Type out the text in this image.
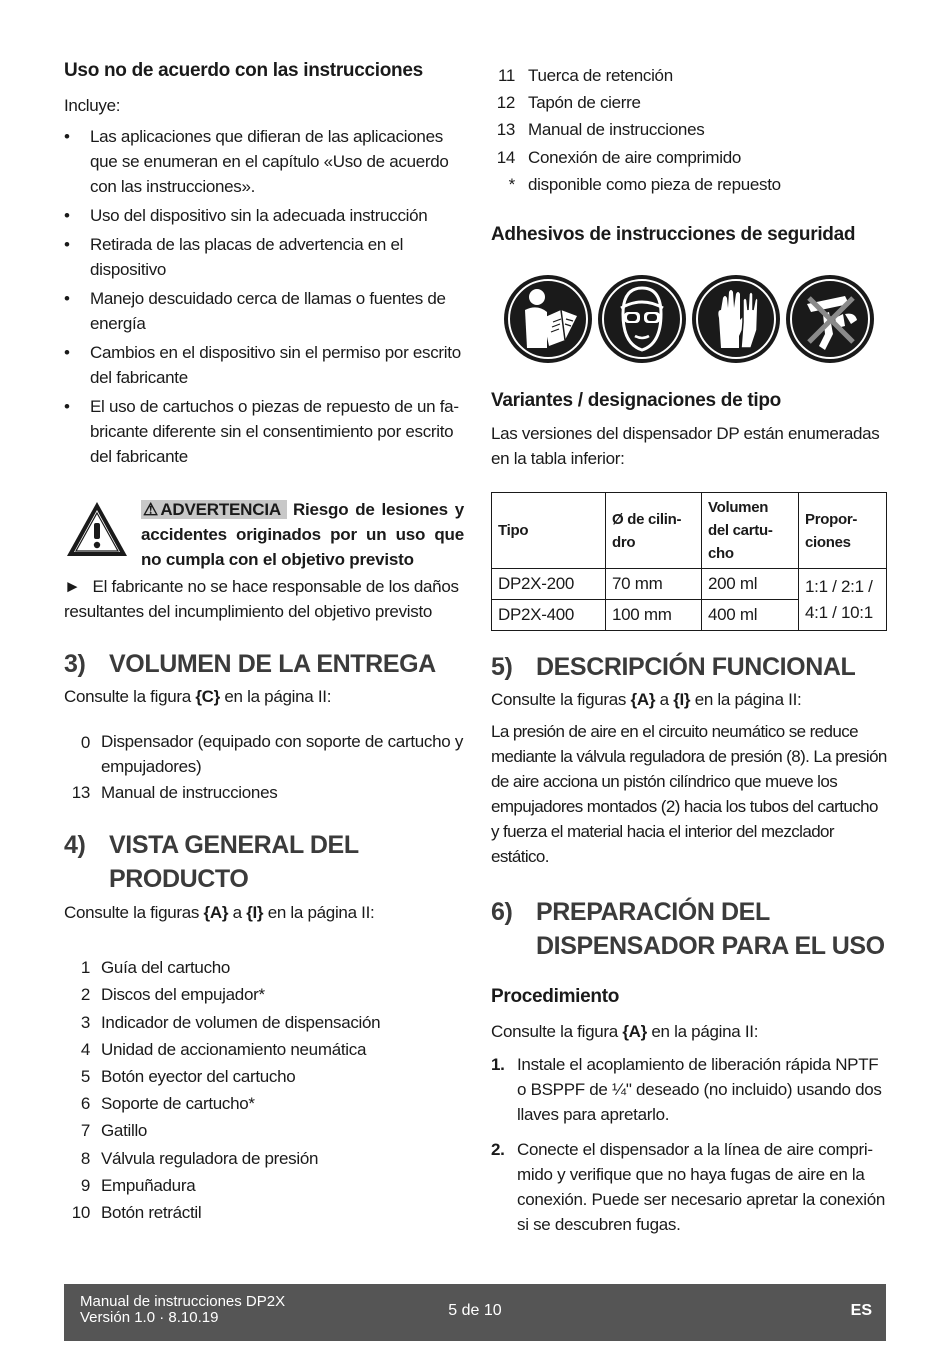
Uso no de acuerdo con las instrucciones

Incluye:

• Las aplicaciones que difieran de las aplicaciones que se enumeran en el capítulo «Uso de acuerdo con las instrucciones».
• Uso del dispositivo sin la adecuada instrucción
• Retirada de las placas de advertencia en el dispositivo
• Manejo descuidado cerca de llamas o fuentes de energía
• Cambios en el dispositivo sin el permiso por escrito del fabricante
• El uso de cartuchos o piezas de repuesto de un fabricante diferente sin el consentimiento por escrito del fabricante
⚠ADVERTENCIA Riesgo de lesiones y accidentes originados por un uso que no cumpla con el objetivo previsto
► El fabricante no se hace responsable de los daños resultantes del incumplimiento del objetivo previsto
3) VOLUMEN DE LA ENTREGA

Consulte la figura {C} en la página II:

0 Dispensador (equipado con soporte de cartucho y empujadores)
13 Manual de instrucciones
4) VISTA GENERAL DEL PRODUCTO

Consulte la figuras {A} a {I} en la página II:

1 Guía del cartucho
2 Discos del empujador*
3 Indicador de volumen de dispensación
4 Unidad de accionamiento neumática
5 Botón eyector del cartucho
6 Soporte de cartucho*
7 Gatillo
8 Válvula reguladora de presión
9 Empuñadura
10 Botón retráctil
11 Tuerca de retención
12 Tapón de cierre
13 Manual de instrucciones
14 Conexión de aire comprimido
* disponible como pieza de repuesto
Adhesivos de instrucciones de seguridad
Variantes / designaciones de tipo

Las versiones del dispensador DP están enumeradas en la tabla inferior:

Tipo	Ø de cilindro	Volumen del cartucho	Proporciones
DP2X-200	70 mm	200 ml	1:1 / 2:1 / 4:1 / 10:1
DP2X-400	100 mm	400 ml	
5) DESCRIPCIÓN FUNCIONAL

Consulte la figuras {A} a {I} en la página II:

La presión de aire en el circuito neumático se reduce mediante la válvula reguladora de presión (8). La presión de aire acciona un pistón cilíndrico que mueve los empujadores montados (2) hacia los tubos del cartucho y fuerza el material hacia el interior del mezclador estático.

6) PREPARACIÓN DEL DISPENSADOR PARA EL USO
Procedimiento

Consulte la figura {A} en la página II:

1. Instale el acoplamiento de liberación rápida NPTF o BSPPF de ¼" deseado (no incluido) usando dos llaves para apretarlo.
2. Conecte el dispensador a la línea de aire comprimido y verifique que no haya fugas de aire en la conexión. Puede ser necesario apretar la conexión si se descubren fugas.
Manual de instrucciones DP2X
Versión 1.0 · 8.10.19	5 de 10	ES
